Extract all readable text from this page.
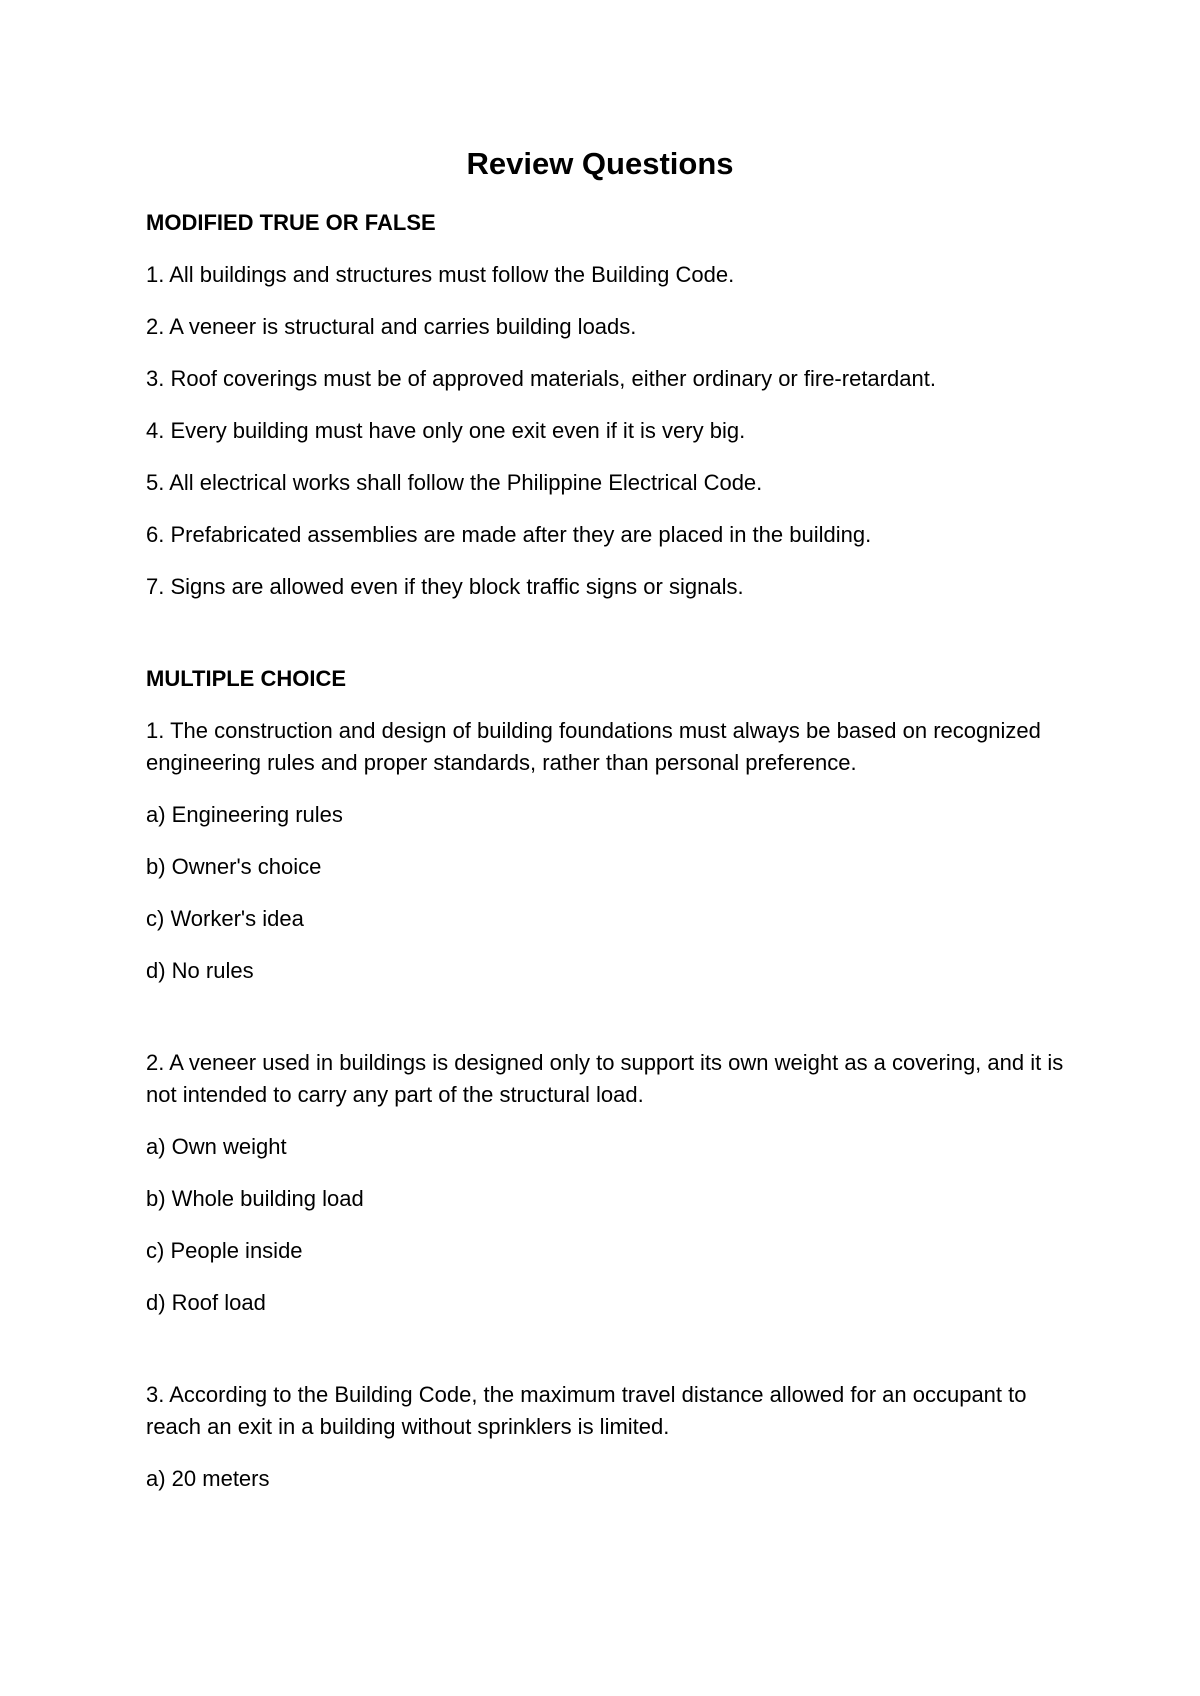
Review Questions
MODIFIED TRUE OR FALSE
1. All buildings and structures must follow the Building Code.
2. A veneer is structural and carries building loads.
3. Roof coverings must be of approved materials, either ordinary or fire-retardant.
4. Every building must have only one exit even if it is very big.
5. All electrical works shall follow the Philippine Electrical Code.
6. Prefabricated assemblies are made after they are placed in the building.
7. Signs are allowed even if they block traffic signs or signals.
MULTIPLE CHOICE
1. The construction and design of building foundations must always be based on recognized engineering rules and proper standards, rather than personal preference.
a) Engineering rules
b) Owner's choice
c) Worker's idea
d) No rules
2. A veneer used in buildings is designed only to support its own weight as a covering, and it is not intended to carry any part of the structural load.
a) Own weight
b) Whole building load
c) People inside
d) Roof load
3. According to the Building Code, the maximum travel distance allowed for an occupant to reach an exit in a building without sprinklers is limited.
a) 20 meters
